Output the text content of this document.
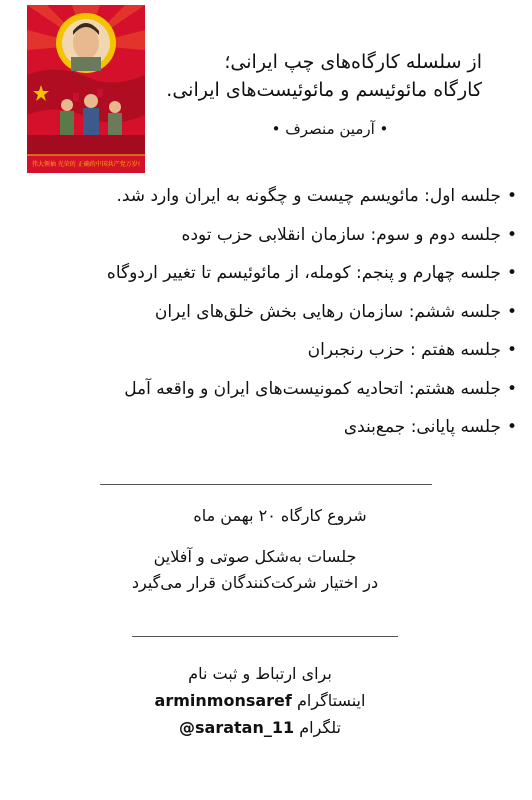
伟大领袖 光荣的 正确的中国共产党万岁!
از سلسله کارگاه‌های چپ ایرانی؛
کارگاه مائوئیسم و مائوئیست‌های ایرانی.
• آرمین منصرف •
•جلسه اول: مائویسم چیست و چگونه به ایران وارد شد.
•جلسه دوم و سوم: سازمان انقلابی حزب توده
•جلسه چهارم و پنجم: کومله، از مائوئیسم تا تغییر اردوگاه
•جلسه ششم: سازمان رهایی بخش خلق‌های ایران
•جلسه هفتم : حزب رنجبران
•جلسه هشتم: اتحادیه کمونیست‌های ایران و واقعه آمل
•جلسه پایانی: جمع‌بندی
شروع کارگاه ۲۰ بهمن ماه
جلسات به‌شکل صوتی و آفلاین
در اختیار شرکت‌کنندگان قرار می‌گیرد
برای ارتباط و ثبت نام
اینستاگرام arminmonsaref
تلگرام @saratan_11
